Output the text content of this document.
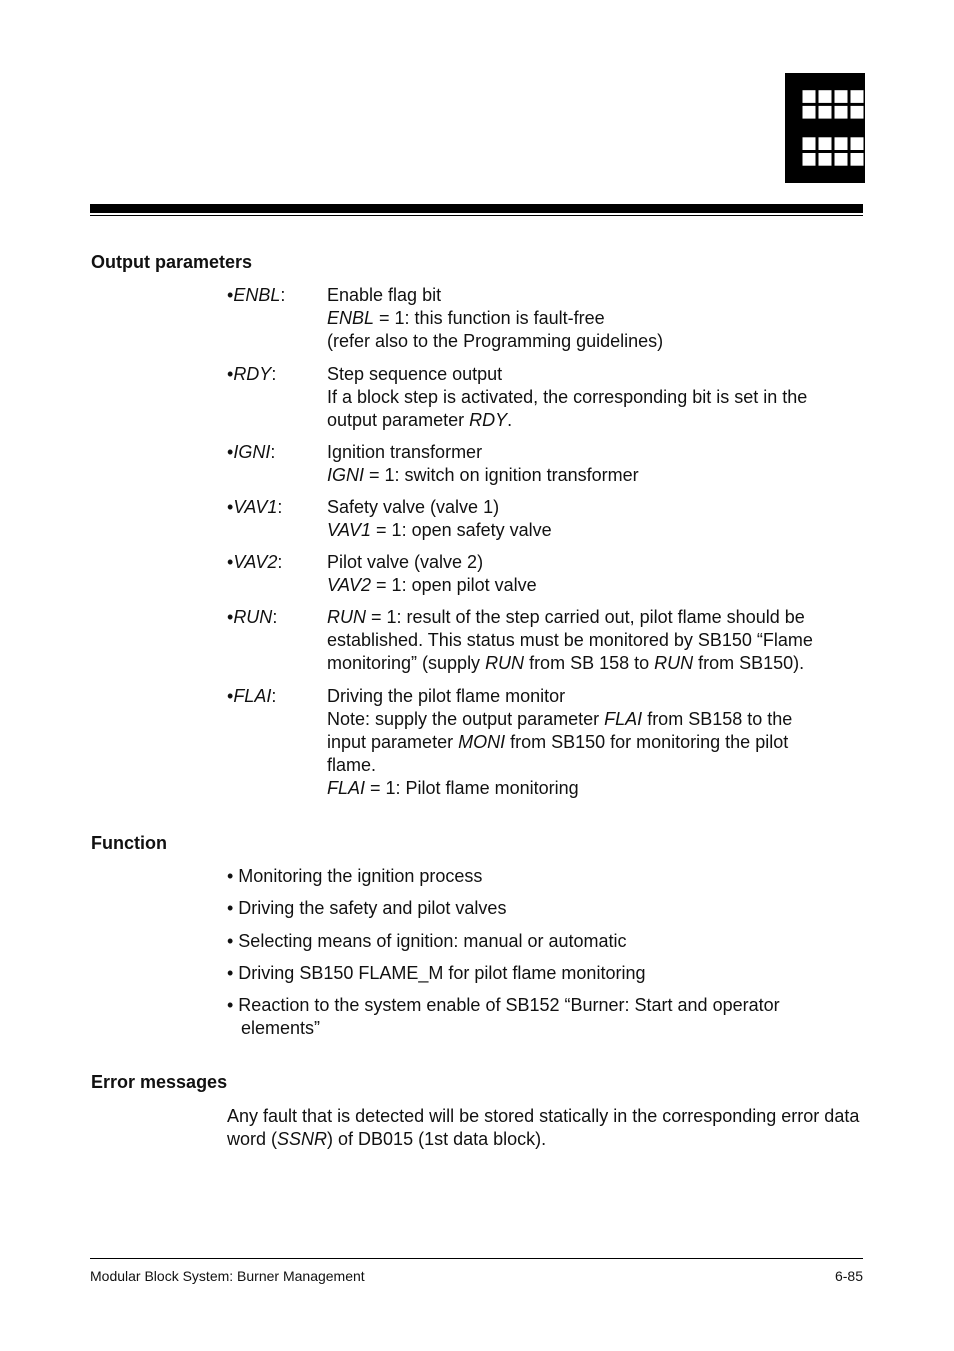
Output parameters
•ENBL: Enable flag bit
ENBL = 1: this function is fault-free
(refer also to the Programming guidelines)
•RDY:	Step sequence output
If a block step is activated, the corresponding bit is set in the
output parameter RDY.
•IGNI:	Ignition transformer
IGNI = 1: switch on ignition transformer
•VAV1: Safety valve (valve 1)
VAV1 = 1: open safety valve
•VAV2: Pilot valve (valve 2)
VAV2 = 1: open pilot valve
•RUN:	RUN = 1: result of the step carried out, pilot flame should be
established. This status must be monitored by SB150 “Flame
monitoring” (supply RUN from SB 158 to RUN from SB150).
•FLAI:	Driving the pilot flame monitor
Note: supply the output parameter FLAI from SB158 to the
input parameter MONI from SB150 for monitoring the pilot
flame.
FLAI = 1: Pilot flame monitoring
Function
• Monitoring the ignition process
• Driving the safety and pilot valves
• Selecting means of ignition: manual or automatic
• Driving SB150 FLAME_M for pilot flame monitoring
• Reaction to the system enable of SB152 “Burner: Start and operator elements”
Error messages
Any fault that is detected will be stored statically in the corresponding error data word (SSNR) of DB015 (1st data block).
Modular Block System: Burner Management	6-85
